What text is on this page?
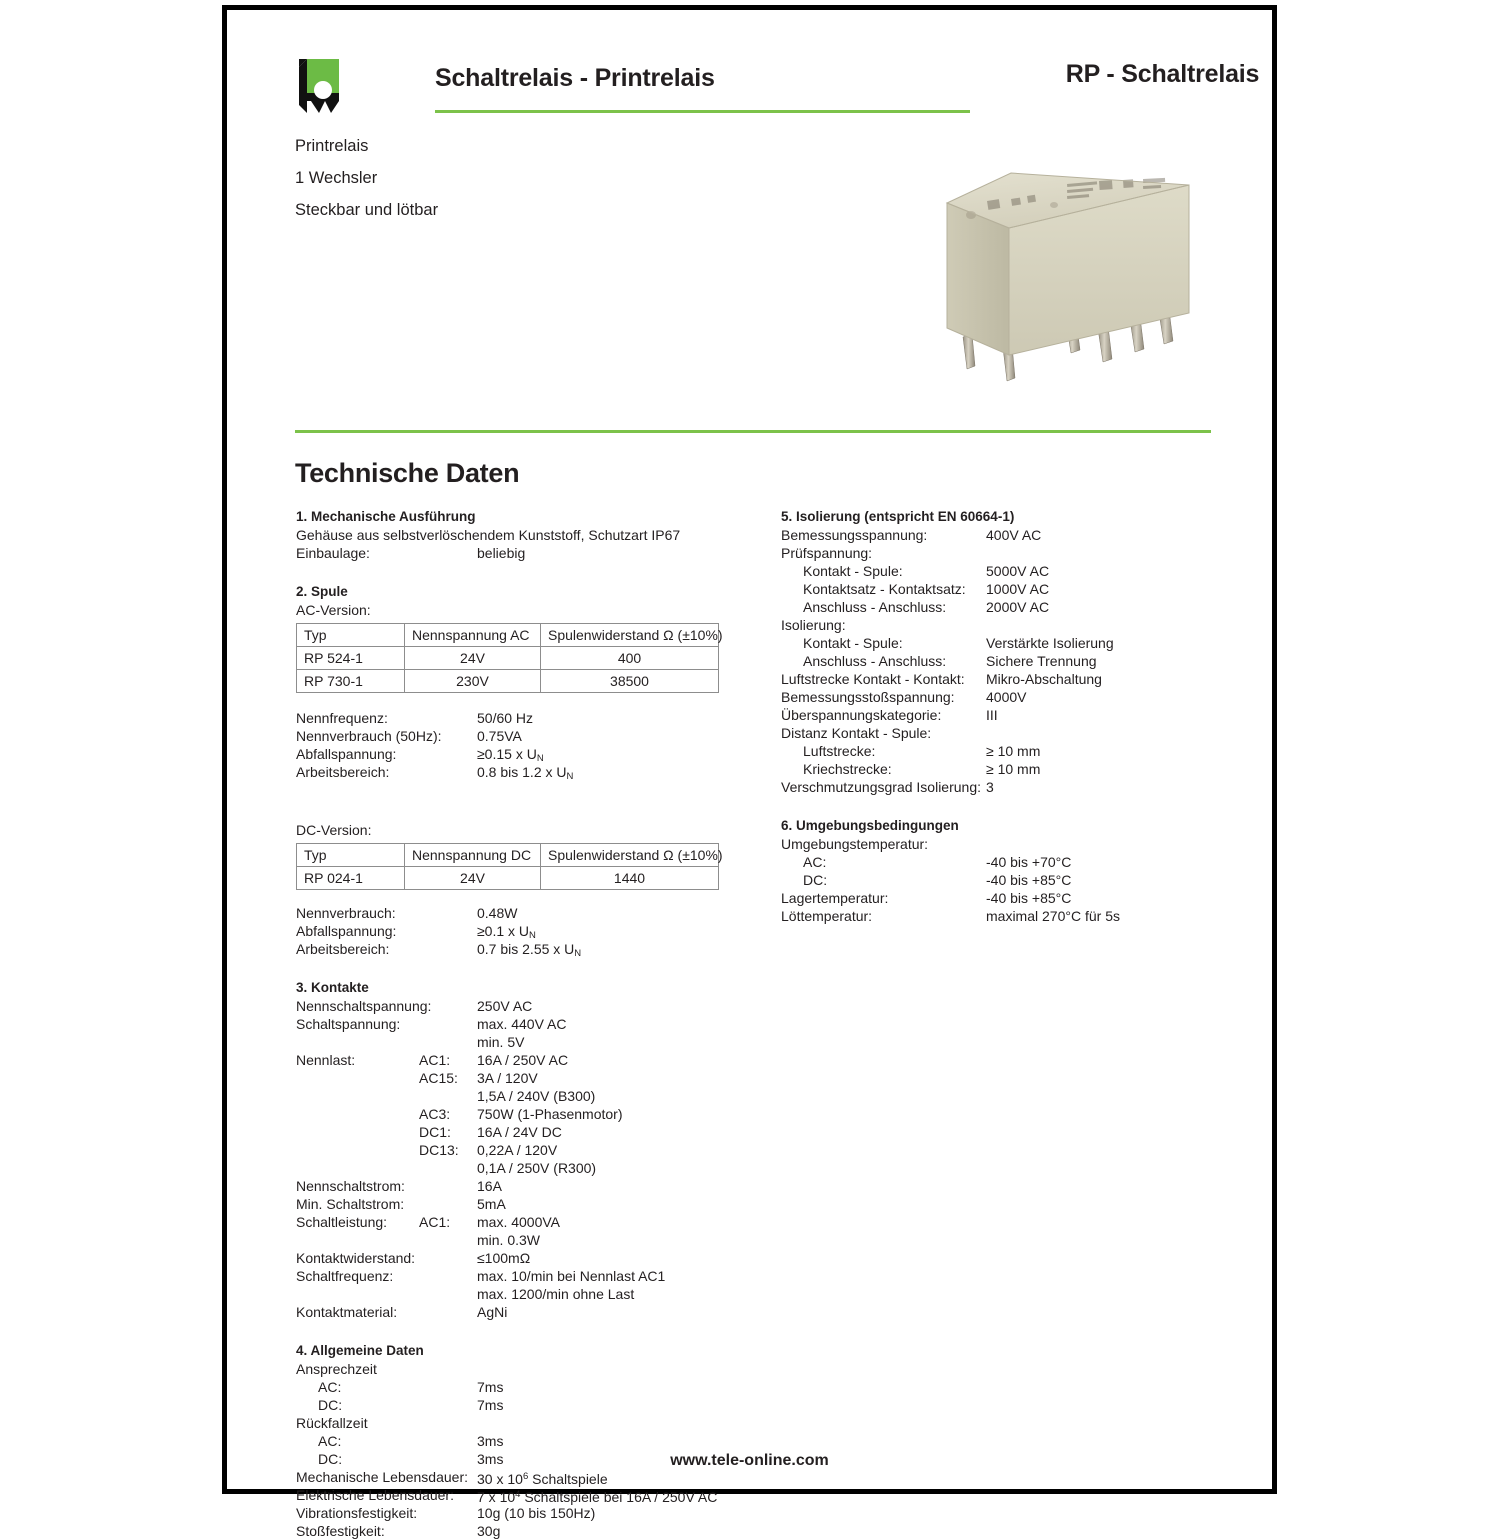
Schaltrelais - Printrelais	RP - Schaltrelais
Printrelais
1 Wechsler
Steckbar und lötbar
Technische Daten
1. Mechanische Ausführung
Gehäuse aus selbstverlöschendem Kunststoff, Schutzart IP67
Einbaulage:	beliebig
2. Spule
AC-Version:
Typ	Nennspannung AC	Spulenwiderstand Ω (±10%)
RP 524-1	24V	400
RP 730-1	230V	38500
Nennfrequenz:	50/60 Hz
Nennverbrauch (50Hz):	0.75VA
Abfallspannung:	≥0.15 x $U_N$
Arbeitsbereich:	0.8 bis 1.2 x $U_N$
DC-Version:
Typ	Nennspannung DC	Spulenwiderstand Ω (±10%)
RP 024-1	24V	1440
Nennverbrauch:	0.48W
Abfallspannung:	≥0.1 x $U_N$
Arbeitsbereich:	0.7 bis 2.55 x $U_N$
3. Kontakte
Nennschaltspannung:	250V AC
Schaltspannung:	max. 440V AC
min. 5V
Nennlast:	AC1: 16A / 250V AC
AC15: 3A / 120V
1,5A / 240V (B300)
AC3: 750W (1-Phasenmotor)
DC1: 16A / 24V DC
DC13: 0,22A / 120V
0,1A / 250V (R300)
Nennschaltstrom:	16A
Min. Schaltstrom:	5mA
Schaltleistung: AC1: max. 4000VA
min. 0.3W
Kontaktwiderstand:	≤100mΩ
Schaltfrequenz:	max. 10/min bei Nennlast AC1
max. 1200/min ohne Last
Kontaktmaterial:	AgNi
4. Allgemeine Daten
Ansprechzeit
AC:	7ms
DC:	7ms
Rückfallzeit
AC:	3ms
DC:	3ms
Mechanische Lebensdauer: 30 x $10^6$ Schaltspiele
Elektrische Lebensdauer: 7 x $10^4$ Schaltspiele bei 16A / 250V AC
Vibrationsfestigkeit:	10g (10 bis 150Hz)
Stoßfestigkeit:	30g
5. Isolierung (entspricht EN 60664-1)
Bemessungsspannung:	400V AC
Prüfspannung:
Kontakt - Spule:	5000V AC
Kontaktsatz - Kontaktsatz: 1000V AC
Anschluss - Anschluss:	2000V AC
Isolierung:
Kontakt - Spule:	Verstärkte Isolierung
Anschluss - Anschluss:	Sichere Trennung
Luftstrecke Kontakt - Kontakt: Mikro-Abschaltung
Bemessungsstoßspannung: 4000V
Überspannungskategorie:	III
Distanz Kontakt - Spule:
Luftstrecke:	≥ 10 mm
Kriechstrecke:	≥ 10 mm
Verschmutzungsgrad Isolierung: 3
6. Umgebungsbedingungen
Umgebungstemperatur:
AC:	-40 bis +70°C
DC:	-40 bis +85°C
Lagertemperatur:	-40 bis +85°C
Löttemperatur:	maximal 270°C für 5s
www.tele-online.com
